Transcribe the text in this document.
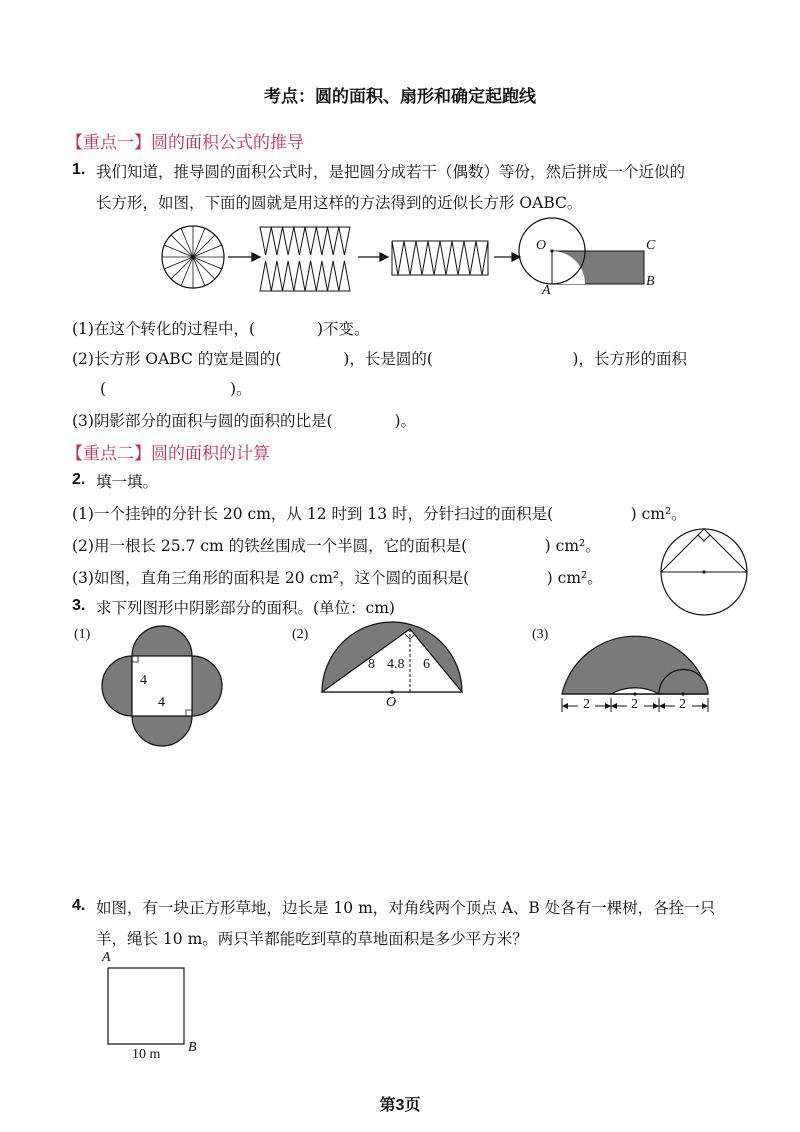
考点：圆的面积、扇形和确定起跑线
【重点一】圆的面积公式的推导
1. 我们知道，推导圆的面积公式时，是把圆分成若干（偶数）等份，然后拼成一个近似的
长方形，如图，下面的圆就是用这样的方法得到的近似长方形 OABC。
O	C
A
B
(1)在这个转化的过程中，(　　　　)不变。
(2)长方形 OABC 的宽是圆的(　　　　)，长是圆的(　　　　　　　　　)，长方形的面积
(　　　　　　　　)。
(3)阴影部分的面积与圆的面积的比是(　　　　)。
【重点二】圆的面积的计算
2. 填一填。
(1)一个挂钟的分针长 20 cm，从 12 时到 13 时，分针扫过的面积是(　　　　　) cm²。
(2)用一根长 25.7 cm 的铁丝围成一个半圆，它的面积是(　　　　　) cm²。
(3)如图，直角三角形的面积是 20 cm²，这个圆的面积是(　　　　　) cm²。
3. 求下列图形中阴影部分的面积。(单位：cm)
(1)	(2)	(3)
4
4
8 4.8 6
O	2	2	2
4. 如图，有一块正方形草地，边长是 10 m，对角线两个顶点 A、B 处各有一棵树，各拴一只
羊，绳长 10 m。两只羊都能吃到草的草地面积是多少平方米？
A
B
10 m
第3页
